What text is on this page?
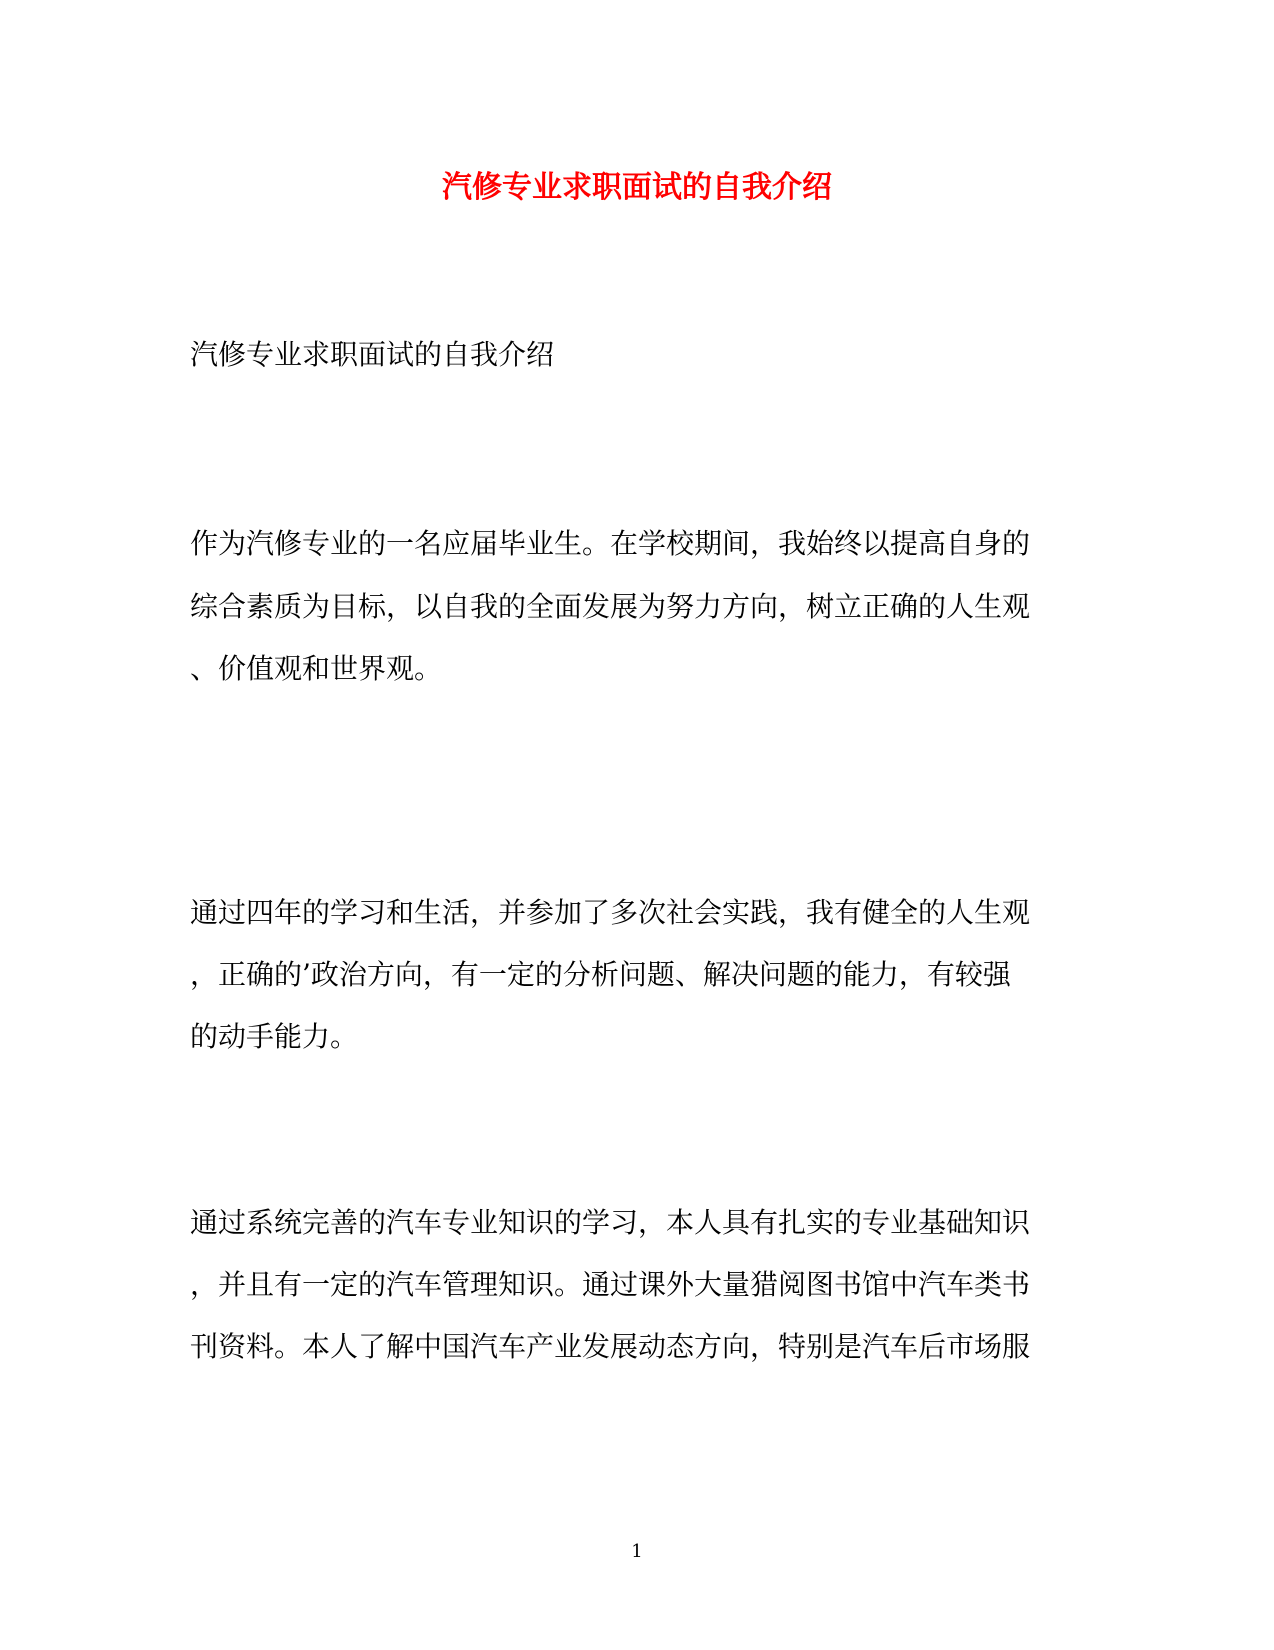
汽修专业求职面试的自我介绍

汽修专业求职面试的自我介绍

作为汽修专业的一名应届毕业生。在学校期间，我始终以提高自身的

综合素质为目标，以自我的全面发展为努力方向，树立正确的人生观

、价值观和世界观。

通过四年的学习和生活，并参加了多次社会实践，我有健全的人生观

，正确的’政治方向，有一定的分析问题、解决问题的能力，有较强

的动手能力。

通过系统完善的汽车专业知识的学习，本人具有扎实的专业基础知识

，并且有一定的汽车管理知识。通过课外大量猎阅图书馆中汽车类书

刊资料。本人了解中国汽车产业发展动态方向，特别是汽车后市场服

1
